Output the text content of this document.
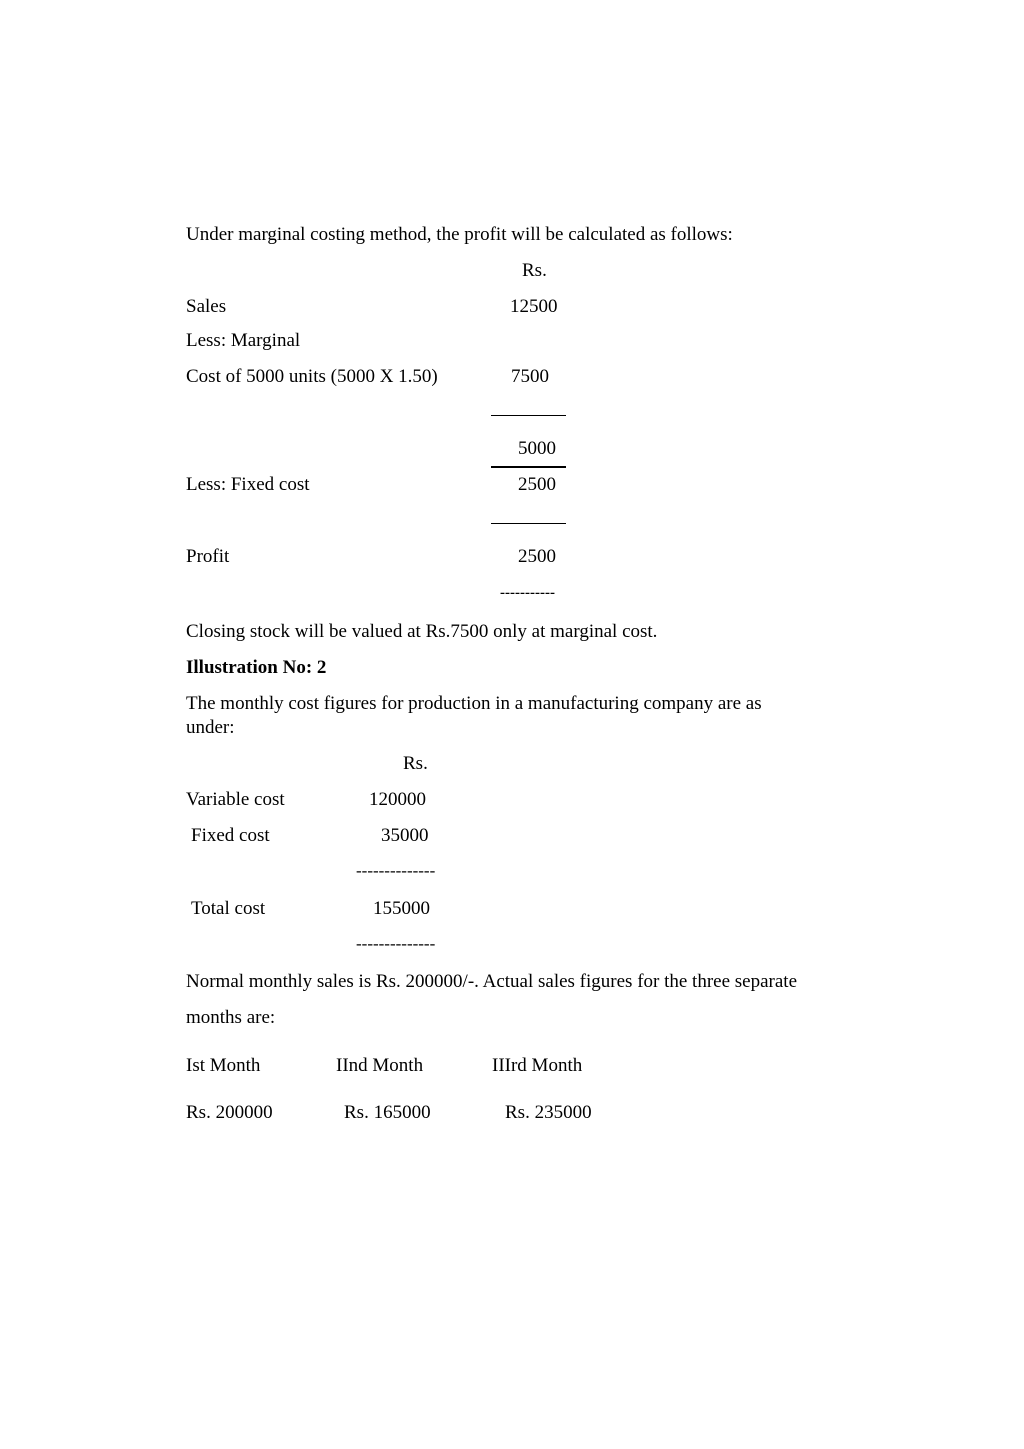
Under marginal costing method, the profit will be calculated as follows:
Rs.
Sales	12500
Less: Marginal
Cost of 5000 units (5000 X 1.50)	7500
5000
Less: Fixed cost	2500
Profit	2500
-----------
Closing stock will be valued at Rs.7500 only at marginal cost.
Illustration No: 2
The monthly cost figures for production in a manufacturing company are as
under:
Rs.
Variable cost	120000
Fixed cost	35000
--------------
Total cost	155000
--------------
Normal monthly sales is Rs. 200000/-. Actual sales figures for the three separate
months are:
Ist Month	IInd Month	IIIrd Month
Rs. 200000	Rs. 165000	Rs. 235000
